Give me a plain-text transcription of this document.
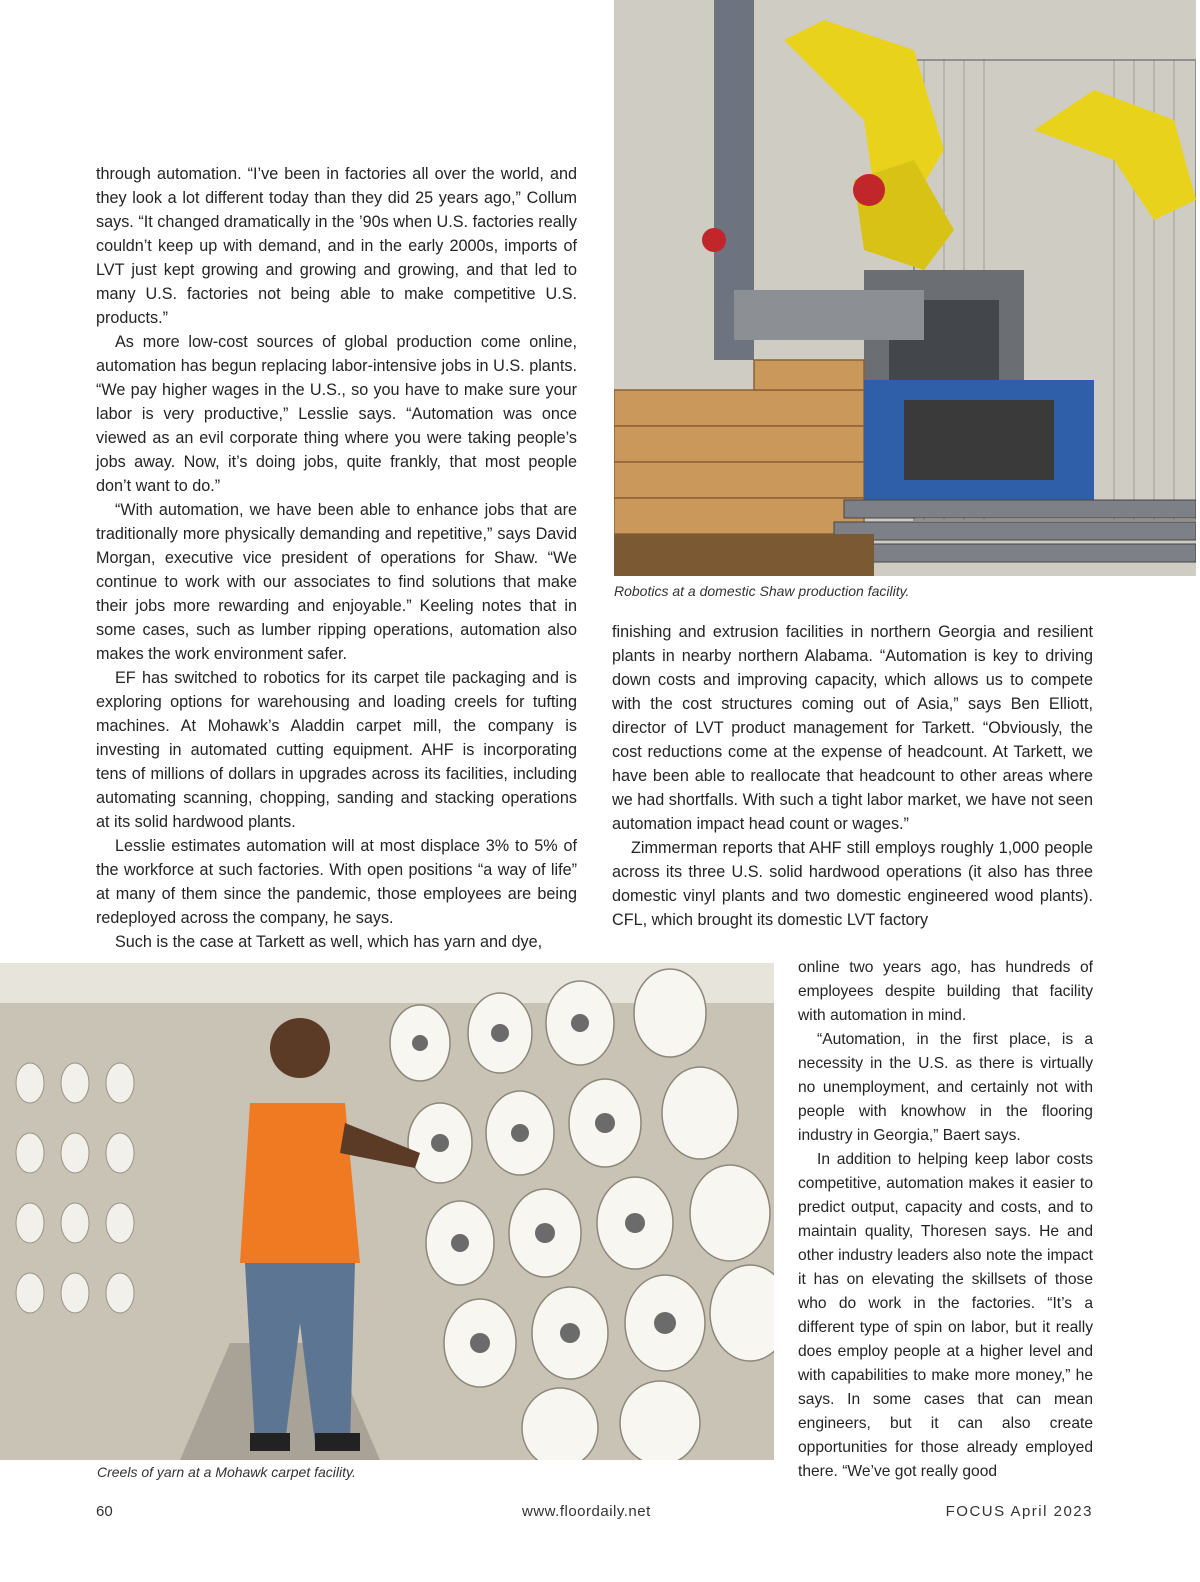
through automation. “I’ve been in factories all over the world, and they look a lot different today than they did 25 years ago,” Collum says. “It changed dramatically in the ’90s when U.S. factories really couldn’t keep up with demand, and in the early 2000s, imports of LVT just kept growing and growing and growing, and that led to many U.S. factories not being able to make competitive U.S. products.”

As more low-cost sources of global production come online, automation has begun replacing labor-intensive jobs in U.S. plants. “We pay higher wages in the U.S., so you have to make sure your labor is very productive,” Lesslie says. “Automation was once viewed as an evil corporate thing where you were taking people’s jobs away. Now, it’s doing jobs, quite frankly, that most people don’t want to do.”

“With automation, we have been able to enhance jobs that are traditionally more physically demanding and repetitive,” says David Morgan, executive vice president of operations for Shaw. “We continue to work with our associates to find solutions that make their jobs more rewarding and enjoyable.” Keeling notes that in some cases, such as lumber ripping operations, automation also makes the work environment safer.

EF has switched to robotics for its carpet tile packaging and is exploring options for warehousing and loading creels for tufting machines. At Mohawk’s Aladdin carpet mill, the company is investing in automated cutting equipment. AHF is incorporating tens of millions of dollars in upgrades across its facilities, including automating scanning, chopping, sanding and stacking operations at its solid hardwood plants.

Lesslie estimates automation will at most displace 3% to 5% of the workforce at such factories. With open positions “a way of life” at many of them since the pandemic, those employees are being redeployed across the company, he says.

Such is the case at Tarkett as well, which has yarn and dye,

Robotics at a domestic Shaw production facility.

finishing and extrusion facilities in northern Georgia and resilient plants in nearby northern Alabama. “Automation is key to driving down costs and improving capacity, which allows us to compete with the cost structures coming out of Asia,” says Ben Elliott, director of LVT product management for Tarkett. “Obviously, the cost reductions come at the expense of headcount. At Tarkett, we have been able to reallocate that headcount to other areas where we had shortfalls. With such a tight labor market, we have not seen automation impact head count or wages.”

Zimmerman reports that AHF still employs roughly 1,000 people across its three U.S. solid hardwood operations (it also has three domestic vinyl plants and two domestic engineered wood plants). CFL, which brought its domestic LVT factory

Creels of yarn at a Mohawk carpet facility.

online two years ago, has hundreds of employees despite building that facility with automation in mind.

“Automation, in the first place, is a necessity in the U.S. as there is virtually no unemployment, and certainly not with people with knowhow in the flooring industry in Georgia,” Baert says.

In addition to helping keep labor costs competitive, automation makes it easier to predict output, capacity and costs, and to maintain quality, Thoresen says. He and other industry leaders also note the impact it has on elevating the skillsets of those who do work in the factories. “It’s a different type of spin on labor, but it really does employ people at a higher level and with capabilities to make more money,” he says. In some cases that can mean engineers, but it can also create opportunities for those already employed there. “We’ve got really good

60	www.floordaily.net	FOCUS April 2023
